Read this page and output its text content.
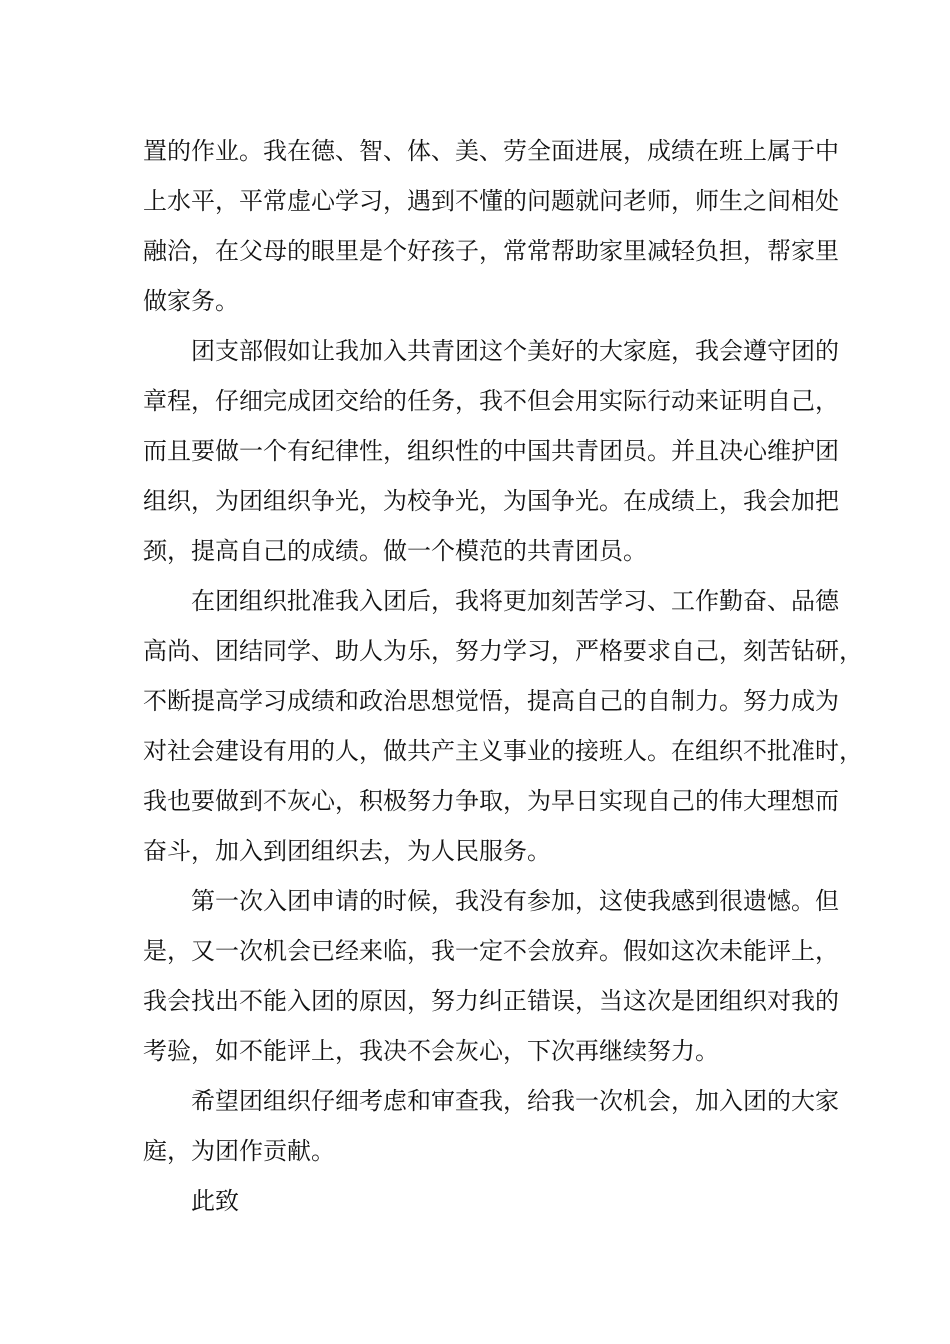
置的作业。我在德、智、体、美、劳全面进展，成绩在班上属于中

上水平，平常虚心学习，遇到不懂的问题就问老师，师生之间相处

融洽，在父母的眼里是个好孩子，常常帮助家里减轻负担，帮家里

做家务。

团支部假如让我加入共青团这个美好的大家庭，我会遵守团的

章程，仔细完成团交给的任务，我不但会用实际行动来证明自己，

而且要做一个有纪律性，组织性的中国共青团员。并且决心维护团

组织，为团组织争光，为校争光，为国争光。在成绩上，我会加把

颈，提高自己的成绩。做一个模范的共青团员。

在团组织批准我入团后，我将更加刻苦学习、工作勤奋、品德

高尚、团结同学、助人为乐，努力学习，严格要求自己，刻苦钻研，

不断提高学习成绩和政治思想觉悟，提高自己的自制力。努力成为

对社会建设有用的人，做共产主义事业的接班人。在组织不批准时，

我也要做到不灰心，积极努力争取，为早日实现自己的伟大理想而

奋斗，加入到团组织去，为人民服务。

第一次入团申请的时候，我没有参加，这使我感到很遗憾。但

是，又一次机会已经来临，我一定不会放弃。假如这次未能评上，

我会找出不能入团的原因，努力纠正错误，当这次是团组织对我的

考验，如不能评上，我决不会灰心，下次再继续努力。

希望团组织仔细考虑和审查我，给我一次机会，加入团的大家

庭，为团作贡献。

此致
